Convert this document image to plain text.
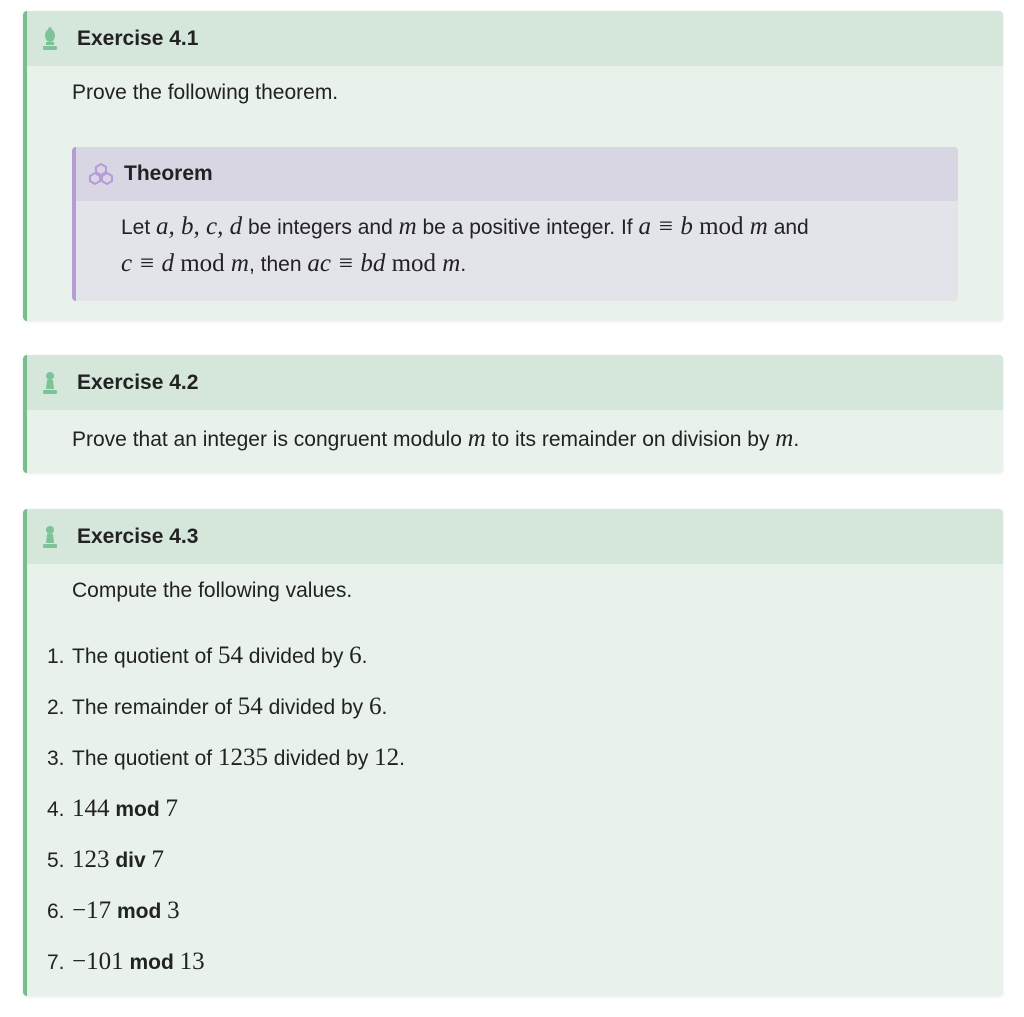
Exercise 4.1
Prove the following theorem.
Theorem
Let a, b, c, d be integers and m be a positive integer. If a ≡ b mod m and
c ≡ d mod m, then ac ≡ bd mod m.
Exercise 4.2
Prove that an integer is congruent modulo m to its remainder on division by m.
Exercise 4.3
Compute the following values.
1. The quotient of 54 divided by 6.
2. The remainder of 54 divided by 6.
3. The quotient of 1235 divided by 12.
4. 144 mod 7
5. 123 div 7
6. −17 mod 3
7. −101 mod 13
